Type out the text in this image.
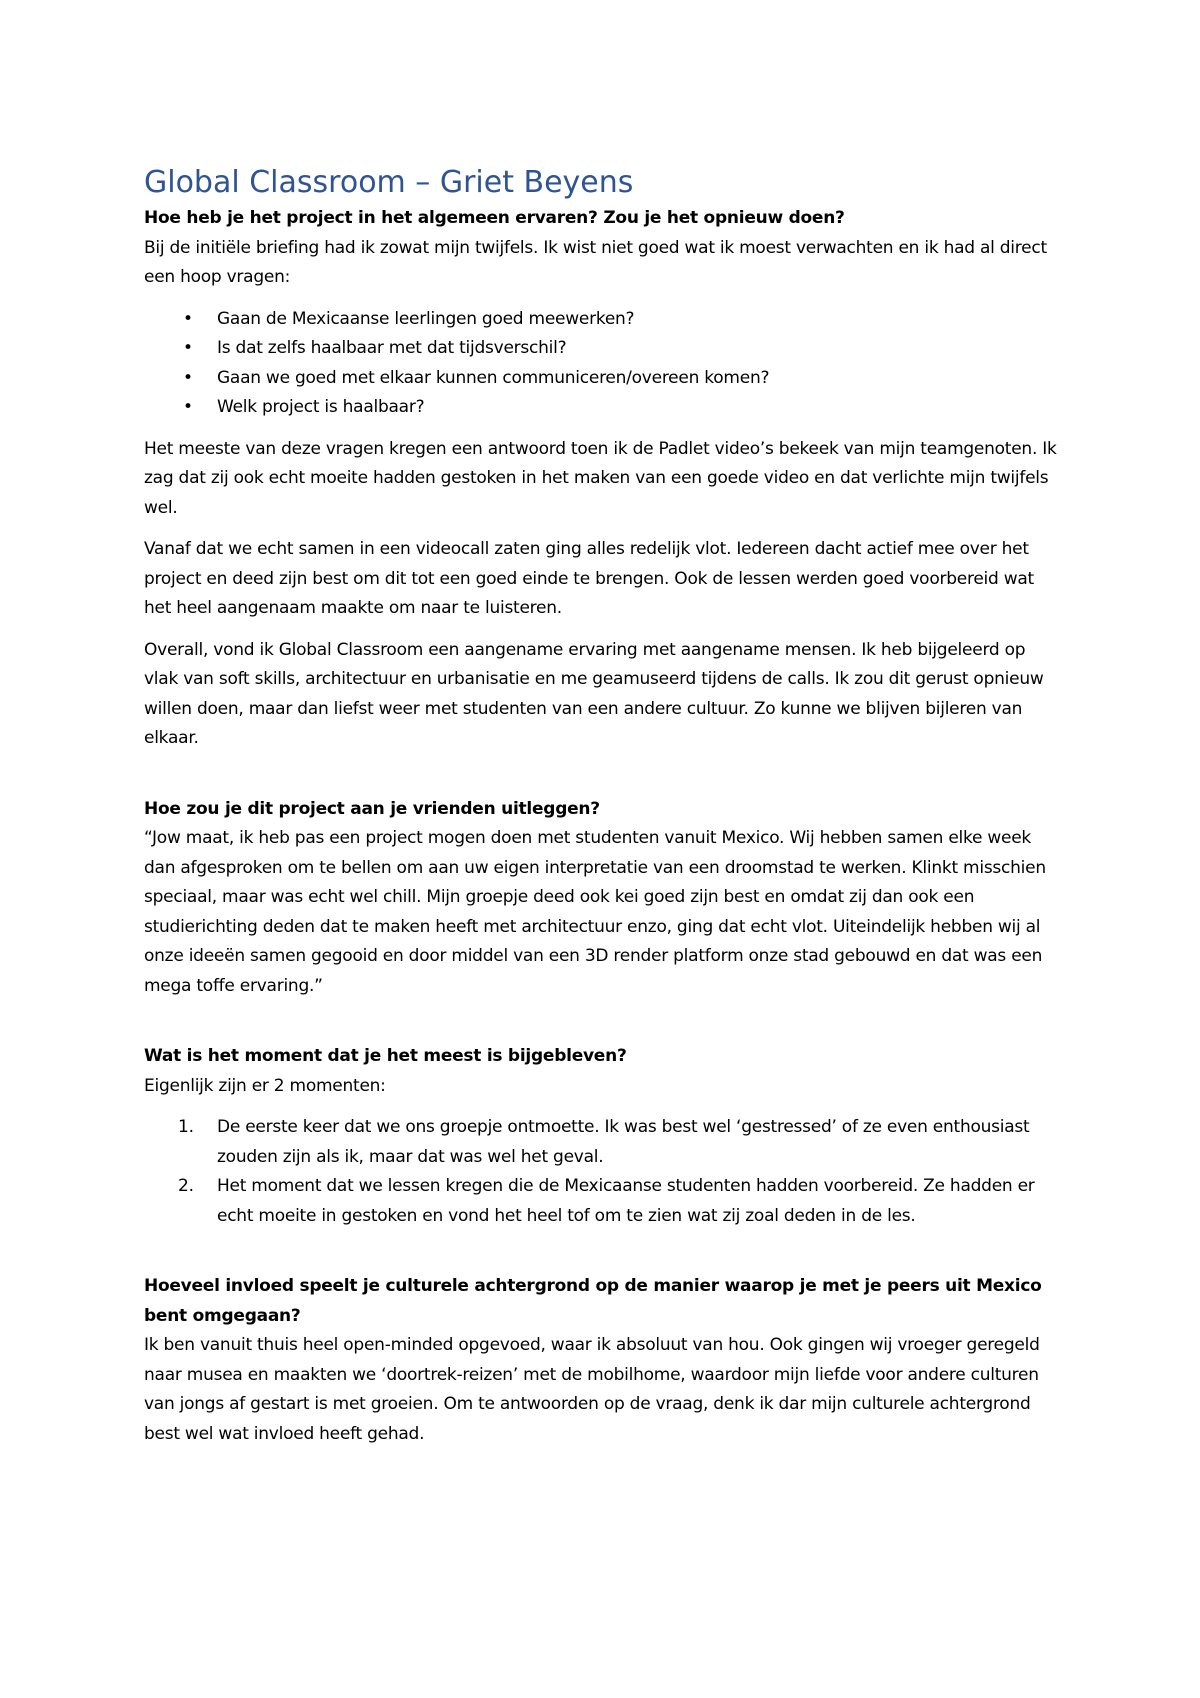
Global Classroom – Griet Beyens

Hoe heb je het project in het algemeen ervaren? Zou je het opnieuw doen?

Bij de initiële briefing had ik zowat mijn twijfels. Ik wist niet goed wat ik moest verwachten en ik had al direct een hoop vragen:

• Gaan de Mexicaanse leerlingen goed meewerken?
• Is dat zelfs haalbaar met dat tijdsverschil?
• Gaan we goed met elkaar kunnen communiceren/overeen komen?
• Welk project is haalbaar?

Het meeste van deze vragen kregen een antwoord toen ik de Padlet video’s bekeek van mijn teamgenoten. Ik zag dat zij ook echt moeite hadden gestoken in het maken van een goede video en dat verlichte mijn twijfels wel.

Vanaf dat we echt samen in een videocall zaten ging alles redelijk vlot. Iedereen dacht actief mee over het project en deed zijn best om dit tot een goed einde te brengen. Ook de lessen werden goed voorbereid wat het heel aangenaam maakte om naar te luisteren.

Overall, vond ik Global Classroom een aangename ervaring met aangename mensen. Ik heb bijgeleerd op vlak van soft skills, architectuur en urbanisatie en me geamuseerd tijdens de calls. Ik zou dit gerust opnieuw willen doen, maar dan liefst weer met studenten van een andere cultuur. Zo kunne we blijven bijleren van elkaar.

Hoe zou je dit project aan je vrienden uitleggen?

“Jow maat, ik heb pas een project mogen doen met studenten vanuit Mexico. Wij hebben samen elke week dan afgesproken om te bellen om aan uw eigen interpretatie van een droomstad te werken. Klinkt misschien speciaal, maar was echt wel chill. Mijn groepje deed ook kei goed zijn best en omdat zij dan ook een studierichting deden dat te maken heeft met architectuur enzo, ging dat echt vlot. Uiteindelijk hebben wij al onze ideeën samen gegooid en door middel van een 3D render platform onze stad gebouwd en dat was een mega toffe ervaring.”

Wat is het moment dat je het meest is bijgebleven?

Eigenlijk zijn er 2 momenten:

1. De eerste keer dat we ons groepje ontmoette. Ik was best wel ‘gestressed’ of ze even enthousiast zouden zijn als ik, maar dat was wel het geval.
2. Het moment dat we lessen kregen die de Mexicaanse studenten hadden voorbereid. Ze hadden er echt moeite in gestoken en vond het heel tof om te zien wat zij zoal deden in de les.

Hoeveel invloed speelt je culturele achtergrond op de manier waarop je met je peers uit Mexico bent omgegaan?

Ik ben vanuit thuis heel open-minded opgevoed, waar ik absoluut van hou. Ook gingen wij vroeger geregeld naar musea en maakten we ‘doortrek-reizen’ met de mobilhome, waardoor mijn liefde voor andere culturen van jongs af gestart is met groeien. Om te antwoorden op de vraag, denk ik dar mijn culturele achtergrond best wel wat invloed heeft gehad.
